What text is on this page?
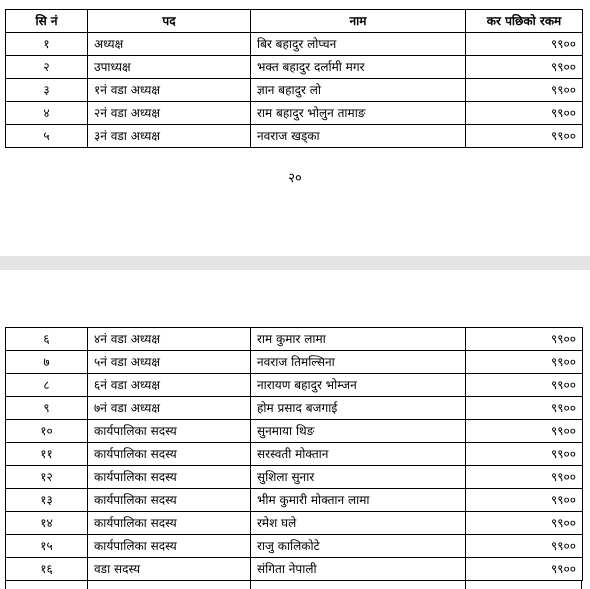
सि नं	पद	नाम	कर पछिको रकम
१	अध्यक्ष	बिर बहादुर लोप्चन	९९००
२	उपाध्यक्ष	भक्त बहादुर दर्लामी मगर	९९००
३	१नं वडा अध्यक्ष	ज्ञान बहादुर लो	९९००
४	२नं वडा अध्यक्ष	राम बहादुर भोलुन तामाङ	९९००
५	३नं वडा अध्यक्ष	नवराज खड्का	९९००
२०
६	४नं वडा अध्यक्ष	राम कुमार लामा	९९००
७	५नं वडा अध्यक्ष	नवराज तिमल्सिना	९९००
८	६नं वडा अध्यक्ष	नारायण बहादुर भोम्जन	९९००
९	७नं वडा अध्यक्ष	होम प्रसाद बजगाई	९९००
१०	कार्यपालिका सदस्य	सुनमाया थिङ	९९००
११	कार्यपालिका सदस्य	सरस्वती मोक्तान	९९००
१२	कार्यपालिका सदस्य	सुशिला सुनार	९९००
१३	कार्यपालिका सदस्य	भीम कुमारी मोक्तान लामा	९९००
१४	कार्यपालिका सदस्य	रमेश घले	९९००
१५	कार्यपालिका सदस्य	राजु कालिकोटे	९९००
१६	वडा सदस्य	संगिता नेपाली	९९००
